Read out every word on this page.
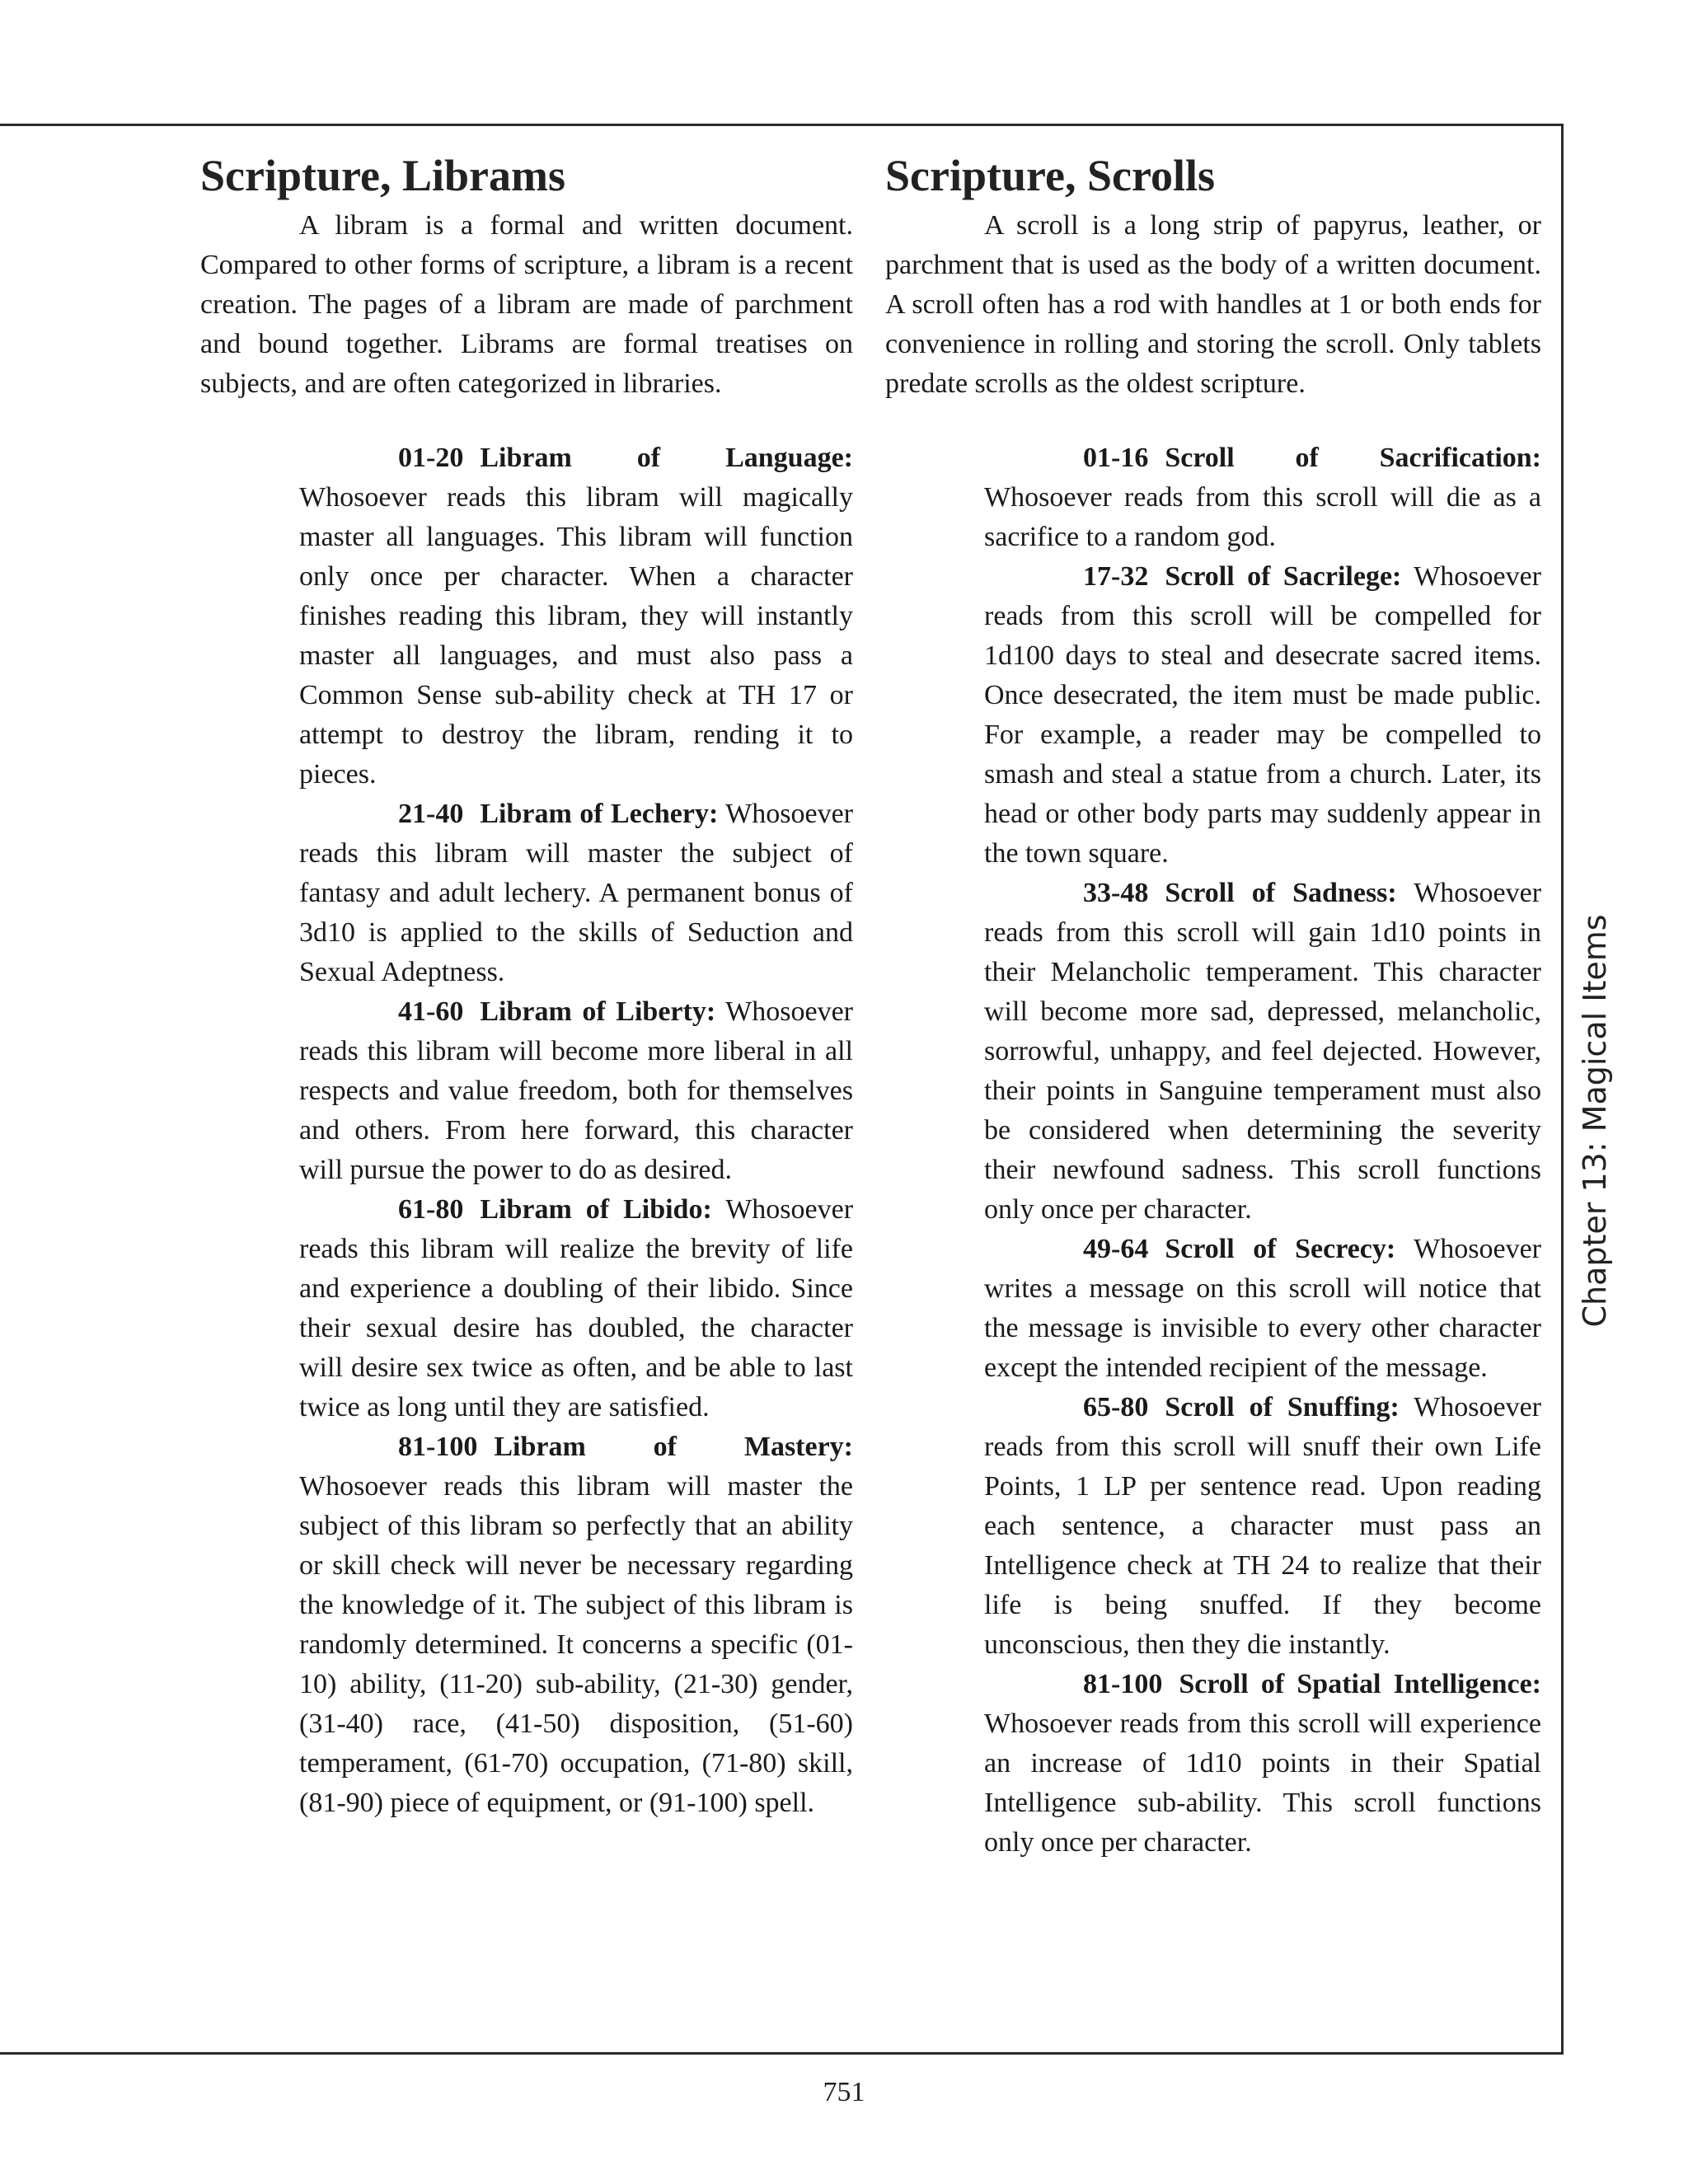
Scripture, Librams

A libram is a formal and written document. Compared to other forms of scripture, a libram is a recent creation. The pages of a libram are made of parchment and bound together. Librams are formal treatises on subjects, and are often categorized in libraries.

01-20 Libram of Language: Whosoever reads this libram will magically master all languages. This libram will function only once per character. When a character finishes reading this libram, they will instantly master all languages, and must also pass a Common Sense sub-ability check at TH 17 or attempt to destroy the libram, rending it to pieces.

21-40 Libram of Lechery: Whosoever reads this libram will master the subject of fantasy and adult lechery. A permanent bonus of 3d10 is applied to the skills of Seduction and Sexual Adeptness.

41-60 Libram of Liberty: Whosoever reads this libram will become more liberal in all respects and value freedom, both for themselves and others. From here forward, this character will pursue the power to do as desired.

61-80 Libram of Libido: Whosoever reads this libram will realize the brevity of life and experience a doubling of their libido. Since their sexual desire has doubled, the character will desire sex twice as often, and be able to last twice as long until they are satisfied.

81-100 Libram of Mastery: Whosoever reads this libram will master the subject of this libram so perfectly that an ability or skill check will never be necessary regarding the knowledge of it. The subject of this libram is randomly determined. It concerns a specific (01-10) ability, (11-20) sub-ability, (21-30) gender, (31-40) race, (41-50) disposition, (51-60) temperament, (61-70) occupation, (71-80) skill, (81-90) piece of equipment, or (91-100) spell.

Scripture, Scrolls

A scroll is a long strip of papyrus, leather, or parchment that is used as the body of a written document. A scroll often has a rod with handles at 1 or both ends for convenience in rolling and storing the scroll. Only tablets predate scrolls as the oldest scripture.

01-16 Scroll of Sacrification: Whosoever reads from this scroll will die as a sacrifice to a random god.

17-32 Scroll of Sacrilege: Whosoever reads from this scroll will be compelled for 1d100 days to steal and desecrate sacred items. Once desecrated, the item must be made public. For example, a reader may be compelled to smash and steal a statue from a church. Later, its head or other body parts may suddenly appear in the town square.

33-48 Scroll of Sadness: Whosoever reads from this scroll will gain 1d10 points in their Melancholic temperament. This character will become more sad, depressed, melancholic, sorrowful, unhappy, and feel dejected. However, their points in Sanguine temperament must also be considered when determining the severity their newfound sadness. This scroll functions only once per character.

49-64 Scroll of Secrecy: Whosoever writes a message on this scroll will notice that the message is invisible to every other character except the intended recipient of the message.

65-80 Scroll of Snuffing: Whosoever reads from this scroll will snuff their own Life Points, 1 LP per sentence read. Upon reading each sentence, a character must pass an Intelligence check at TH 24 to realize that their life is being snuffed. If they become unconscious, then they die instantly.

81-100 Scroll of Spatial Intelligence: Whosoever reads from this scroll will experience an increase of 1d10 points in their Spatial Intelligence sub-ability. This scroll functions only once per character.

Chapter 13: Magical Items
751
